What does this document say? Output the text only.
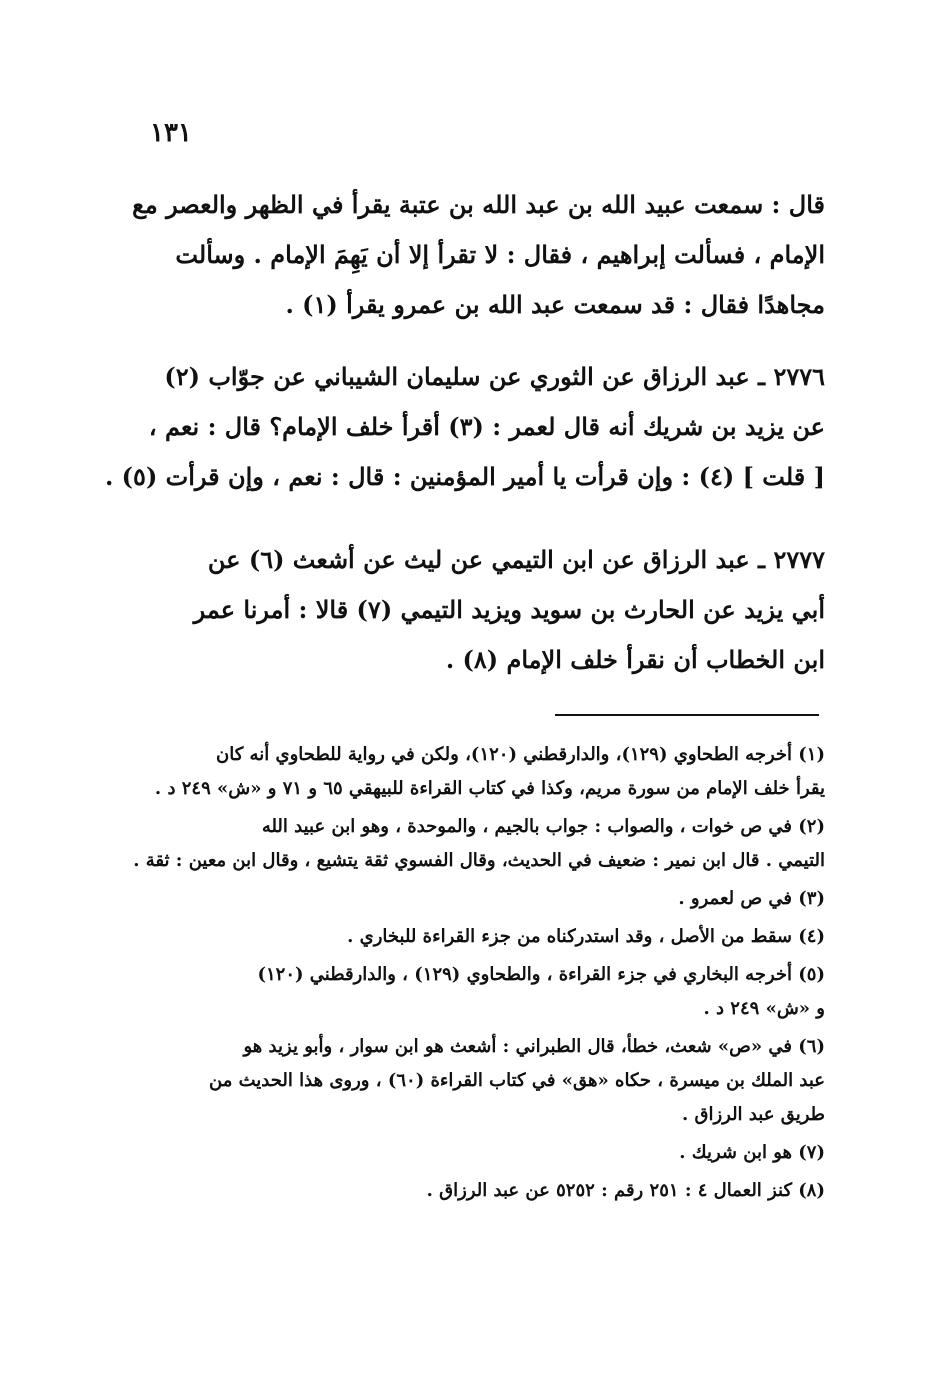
١٣١
قال : سمعت عبيد الله بن عبد الله بن عتبة يقرأ في الظهر والعصر مع
الإمام ، فسألت إبراهيم ، فقال : لا تقرأ إلا أن يَهِمَ الإمام . وسألت
مجاهدًا فقال : قد سمعت عبد الله بن عمرو يقرأ (١) .
٢٧٧٦ ـ عبد الرزاق عن الثوري عن سليمان الشيباني عن جوّاب (٢)
عن يزيد بن شريك أنه قال لعمر : (٣) أقرأ خلف الإمام؟ قال : نعم ،
[ قلت ] (٤) : وإن قرأت يا أمير المؤمنين : قال : نعم ، وإن قرأت (٥) .
٢٧٧٧ ـ عبد الرزاق عن ابن التيمي عن ليث عن أشعث (٦) عن
أبي يزيد عن الحارث بن سويد ويزيد التيمي (٧) قالا : أمرنا عمر
ابن الخطاب أن نقرأ خلف الإمام (٨) .
(١) أخرجه الطحاوي (١٢٩)، والدارقطني (١٢٠)، ولكن في رواية للطحاوي أنه كان
يقرأ خلف الإمام من سورة مريم، وكذا في كتاب القراءة للبيهقي ٦٥ و ٧١ و «ش» ٢٤٩ د .
(٢) في ص خوات ، والصواب : جواب بالجيم ، والموحدة ، وهو ابن عبيد الله
التيمي . قال ابن نمير : ضعيف في الحديث، وقال الفسوي ثقة يتشيع ، وقال ابن معين : ثقة .
(٣) في ص لعمرو .
(٤) سقط من الأصل ، وقد استدركناه من جزء القراءة للبخاري .
(٥) أخرجه البخاري في جزء القراءة ، والطحاوي (١٢٩) ، والدارقطني (١٢٠)
و «ش» ٢٤٩ د .
(٦) في «ص» شعث، خطأ، قال الطبراني : أشعث هو ابن سوار ، وأبو يزيد هو
عبد الملك بن ميسرة ، حكاه «هق» في كتاب القراءة (٦٠) ، وروى هذا الحديث من
طريق عبد الرزاق .
(٧) هو ابن شريك .
(٨) كنز العمال ٤ : ٢٥١ رقم : ٥٢٥٢ عن عبد الرزاق .
